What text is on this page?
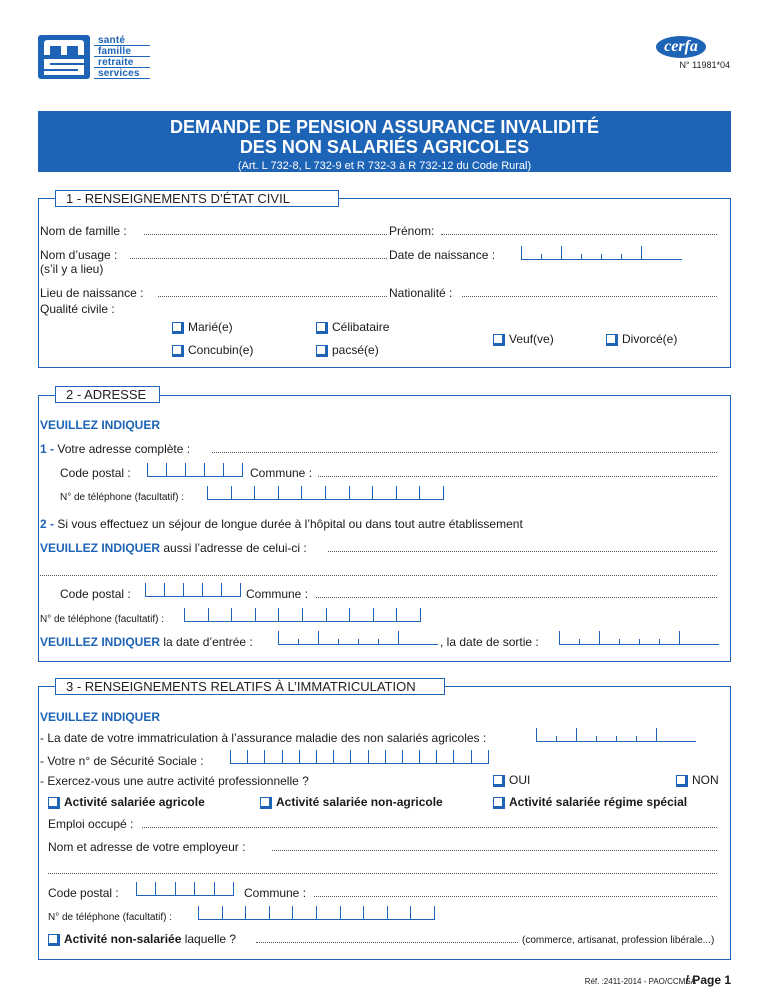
santé
famille
retraite
services
cerfa
N° 11981*04
DEMANDE DE PENSION ASSURANCE INVALIDITÉ
DES NON SALARIÉS AGRICOLES
(Art. L 732-8, L 732-9 et R 732-3 à R 732-12 du Code Rural)
1 - RENSEIGNEMENTS D’ÉTAT CIVIL
Nom de famille :	Prénom:
Nom d’usage :
(s’il y a lieu)
Date de naissance :
Lieu de naissance :	Nationalité :
Qualité civile :
Marié(e)	Célibataire
Veuf(ve)	Divorcé(e)
Concubin(e)	pacsé(e)
2 - ADRESSE
VEUILLEZ INDIQUER
1 - Votre adresse complète :
Code postal :	Commune :
N° de téléphone (facultatif) :
2 - Si vous effectuez un séjour de longue durée à l’hôpital ou dans tout autre établissement
VEUILLEZ INDIQUER aussi l’adresse de celui-ci :
Code postal :	Commune :
N° de téléphone (facultatif) :
VEUILLEZ INDIQUER la date d’entrée :	, la date de sortie :
3 - RENSEIGNEMENTS RELATIFS À L’IMMATRICULATION
VEUILLEZ INDIQUER
- La date de votre immatriculation à l’assurance maladie des non salariés agricoles :
- Votre n° de Sécurité Sociale :
- Exercez-vous une autre activité professionnelle ?	OUI	NON
Activité salariée agricole	Activité salariée non-agricole	Activité salariée régime spécial
Emploi occupé :
Nom et adresse de votre employeur :
Code postal :	Commune :
N° de téléphone (facultatif) :
Activité non-salariée laquelle ?	(commerce, artisanat, profession libérale...)
Réf. :2411-2014 - PAO/CCMSA
/ Page 1
